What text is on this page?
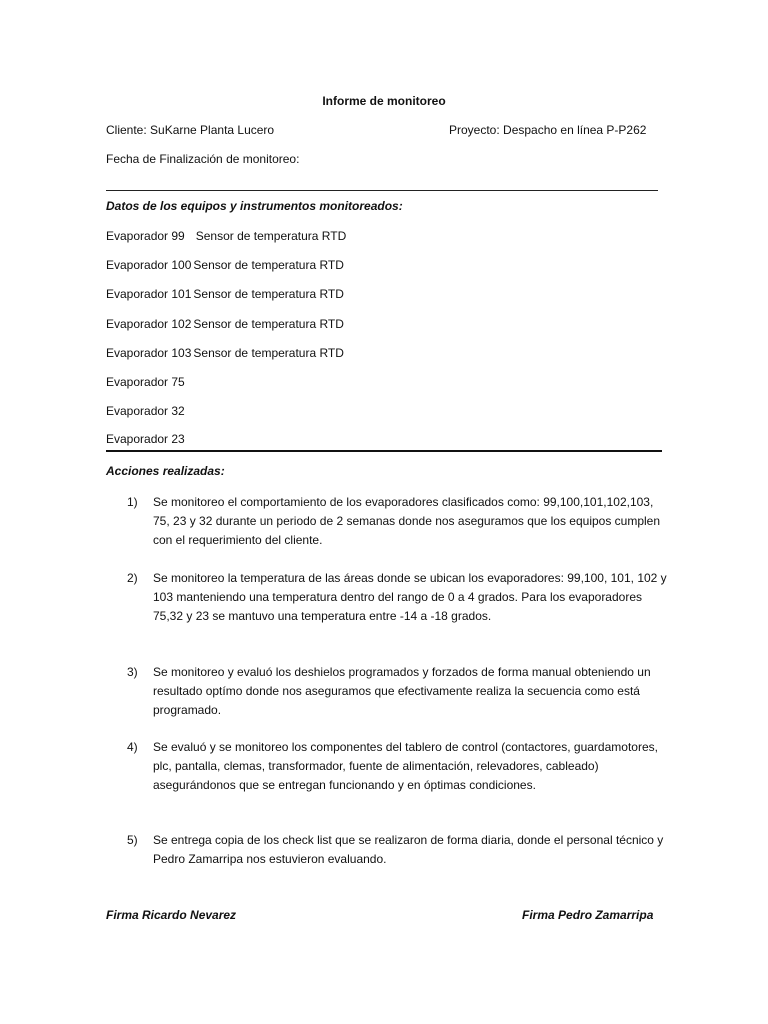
Informe de monitoreo
Cliente: SuKarne Planta Lucero	Proyecto: Despacho en línea P-P262
Fecha de Finalización de monitoreo:
Datos de los equipos y instrumentos monitoreados:
Evaporador 99 Sensor de temperatura RTD
Evaporador 100 Sensor de temperatura RTD
Evaporador 101 Sensor de temperatura RTD
Evaporador 102 Sensor de temperatura RTD
Evaporador 103 Sensor de temperatura RTD
Evaporador 75
Evaporador 32
Evaporador 23
Acciones realizadas:
1)	Se monitoreo el comportamiento de los evaporadores clasificados como: 99,100,101,102,103, 75, 23 y 32 durante un periodo de 2 semanas donde nos aseguramos que los equipos cumplen con el requerimiento del cliente.
2)	Se monitoreo la temperatura de las áreas donde se ubican los evaporadores: 99,100, 101, 102 y 103 manteniendo una temperatura dentro del rango de 0 a 4 grados. Para los evaporadores 75,32 y 23 se mantuvo una temperatura entre -14 a -18 grados.
3)	Se monitoreo y evaluó los deshielos programados y forzados de forma manual obteniendo un resultado optímo donde nos aseguramos que efectivamente realiza la secuencia como está programado.
4)	Se evaluó y se monitoreo los componentes del tablero de control (contactores, guardamotores, plc, pantalla, clemas, transformador, fuente de alimentación, relevadores, cableado) asegurándonos que se entregan funcionando y en óptimas condiciones.
5)	Se entrega copia de los check list que se realizaron de forma diaria, donde el personal técnico y Pedro Zamarripa nos estuvieron evaluando.
Firma Ricardo Nevarez	Firma Pedro Zamarripa
